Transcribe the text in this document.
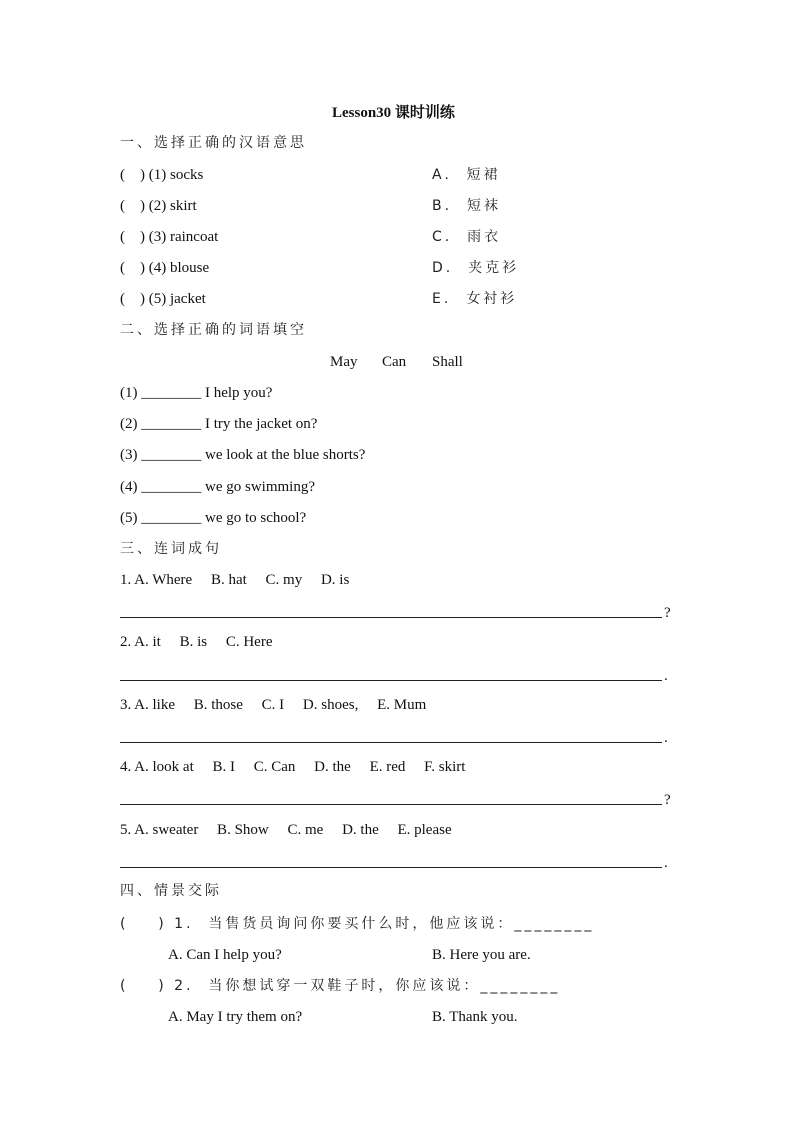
Lesson30 课时训练
一、选择正确的汉语意思
(    ) (1) socks	A.  短裙
(    ) (2) skirt	B.  短袜
(    ) (3) raincoat	C.  雨衣
(    ) (4) blouse	D.  夹克衫
(    ) (5) jacket	E.  女衬衫
二、选择正确的词语填空
May Can Shall
(1) ________ I help you?
(2) ________ I try the jacket on?
(3) ________ we look at the blue shorts?
(4) ________ we go swimming?
(5) ________ we go to school?
三、连词成句
1. A. Where     B. hat     C. my     D. is
?
2. A. it     B. is     C. Here
.
3. A. like     B. those     C. I     D. shoes,     E. Mum
.
4. A. look at     B. I     C. Can     D. the     E. red     F. skirt
?
5. A. sweater     B. Show     C. me     D. the     E. please
.
四、情景交际
(    ) 1.  当售货员询问你要买什么时，他应该说：________
A. Can I help you?	B. Here you are.
(    ) 2.  当你想试穿一双鞋子时，你应该说：________
A. May I try them on?	B. Thank you.
